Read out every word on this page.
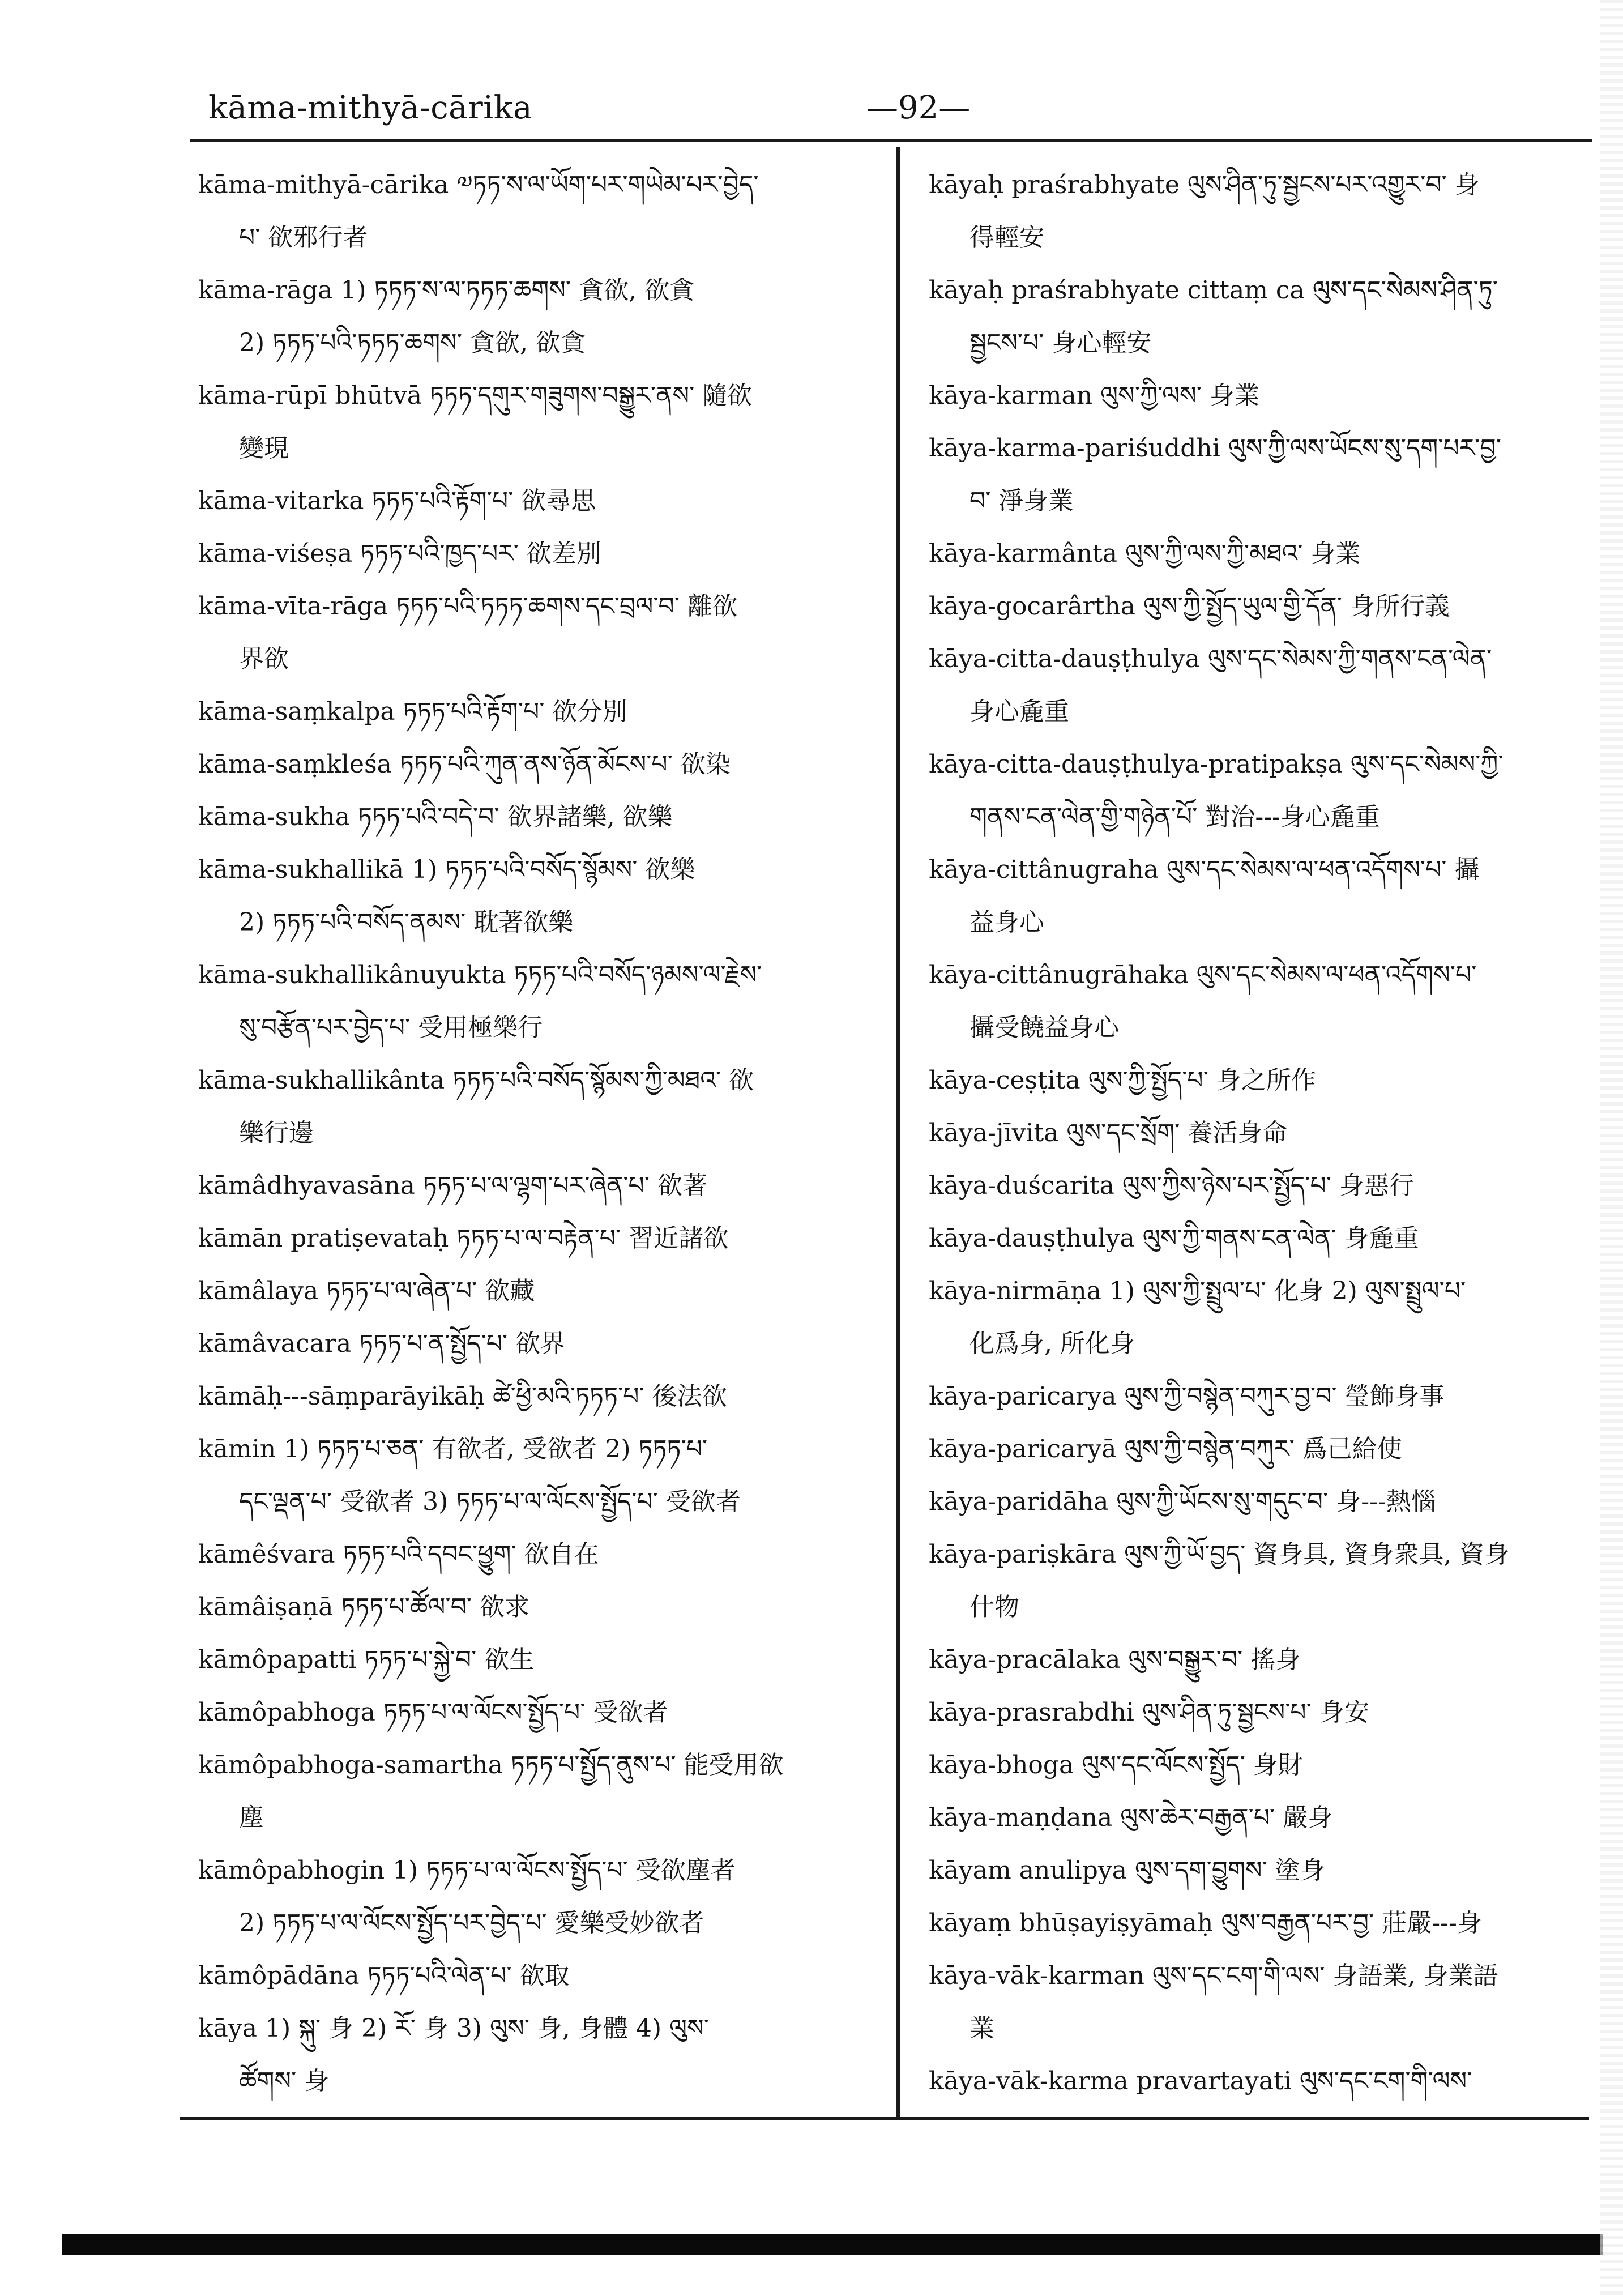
kāma-mithyā-cārika	—92—
kāma-mithyā-cārika ༧ཏཏ་ས་ལ་ཡོག་པར་གཡེམ་པར་བྱེད་
པ་ 欲邪行者
kāma-rāga 1) ཏཏཏ་ས་ལ་ཏཏཏ་ཆགས་ 貪欲, 欲貪
2) ཏཏཏ་པའི་ཏཏཏ་ཆགས་ 貪欲, 欲貪
kāma-rūpī bhūtvā ཏཏཏ་དགུར་གཟུགས་བསྒྱུར་ནས་ 隨欲
變現
kāma-vitarka ཏཏཏ་པའི་རྟོག་པ་ 欲尋思
kāma-viśeṣa ཏཏཏ་པའི་ཁྱད་པར་ 欲差別
kāma-vīta-rāga ཏཏཏ་པའི་ཏཏཏ་ཆགས་དང་བྲལ་བ་ 離欲
界欲
kāma-saṃkalpa ཏཏཏ་པའི་རྟོག་པ་ 欲分別
kāma-saṃkleśa ཏཏཏ་པའི་ཀུན་ནས་ཉོན་མོངས་པ་ 欲染
kāma-sukha ཏཏཏ་པའི་བདེ་བ་ 欲界諸樂, 欲樂
kāma-sukhallikā 1) ཏཏཏ་པའི་བསོད་སྙོམས་ 欲樂
2) ཏཏཏ་པའི་བསོད་ནམས་ 耽著欲樂
kāma-sukhallikânuyukta ཏཏཏ་པའི་བསོད་ཉམས་ལ་རྗེས་
སུ་བརྩོན་པར་བྱེད་པ་ 受用極樂行
kāma-sukhallikânta ཏཏཏ་པའི་བསོད་སྙོམས་ཀྱི་མཐའ་ 欲
樂行邊
kāmâdhyavasāna ཏཏཏ་པ་ལ་ལྷག་པར་ཞེན་པ་ 欲著
kāmān pratiṣevataḥ ཏཏཏ་པ་ལ་བརྟེན་པ་ 習近諸欲
kāmâlaya ཏཏཏ་པ་ལ་ཞེན་པ་ 欲藏
kāmâvacara ཏཏཏ་པ་ན་སྤྱོད་པ་ 欲界
kāmāḥ---sāṃparāyikāḥ ཚེ་ཕྱི་མའི་ཏཏཏ་པ་ 後法欲
kāmin 1) ཏཏཏ་པ་ཅན་ 有欲者, 受欲者 2) ཏཏཏ་པ་
དང་ལྡན་པ་ 受欲者 3) ཏཏཏ་པ་ལ་ལོངས་སྤྱོད་པ་ 受欲者
kāmêśvara ཏཏཏ་པའི་དབང་ཕྱུག་ 欲自在
kāmâiṣaṇā ཏཏཏ་པ་ཚོལ་བ་ 欲求
kāmôpapatti ཏཏཏ་པ་སྐྱེ་བ་ 欲生
kāmôpabhoga ཏཏཏ་པ་ལ་ལོངས་སྤྱོད་པ་ 受欲者
kāmôpabhoga-samartha ཏཏཏ་པ་སྤྱོད་ནུས་པ་ 能受用欲
塵
kāmôpabhogin 1) ཏཏཏ་པ་ལ་ལོངས་སྤྱོད་པ་ 受欲塵者
2) ཏཏཏ་པ་ལ་ལོངས་སྤྱོད་པར་བྱེད་པ་ 愛樂受妙欲者
kāmôpādāna ཏཏཏ་པའི་ལེན་པ་ 欲取
kāya 1) སྐུ་ 身 2) རོ་ 身 3) ལུས་ 身, 身體 4) ལུས་
ཚོགས་ 身
kāyaḥ praśrabhyate ལུས་ཤིན་ཏུ་སྦྱངས་པར་འགྱུར་བ་ 身
得輕安
kāyaḥ praśrabhyate cittaṃ ca ལུས་དང་སེམས་ཤིན་ཏུ་
སྦྱངས་པ་ 身心輕安
kāya-karman ལུས་ཀྱི་ལས་ 身業
kāya-karma-pariśuddhi ལུས་ཀྱི་ལས་ཡོངས་སུ་དག་པར་བྱ་
བ་ 淨身業
kāya-karmânta ལུས་ཀྱི་ལས་ཀྱི་མཐའ་ 身業
kāya-gocarârtha ལུས་ཀྱི་སྤྱོད་ཡུལ་གྱི་དོན་ 身所行義
kāya-citta-dauṣṭhulya ལུས་དང་སེམས་ཀྱི་གནས་ངན་ལེན་
身心麁重
kāya-citta-dauṣṭhulya-pratipakṣa ལུས་དང་སེམས་ཀྱི་
གནས་ངན་ལེན་གྱི་གཉེན་པོ་ 對治---身心麁重
kāya-cittânugraha ལུས་དང་སེམས་ལ་ཕན་འདོགས་པ་ 攝
益身心
kāya-cittânugrāhaka ལུས་དང་སེམས་ལ་ཕན་འདོགས་པ་
攝受饒益身心
kāya-ceṣṭita ལུས་ཀྱི་སྤྱོད་པ་ 身之所作
kāya-jīvita ལུས་དང་སྲོག་ 養活身命
kāya-duścarita ལུས་ཀྱིས་ཉེས་པར་སྤྱོད་པ་ 身惡行
kāya-dauṣṭhulya ལུས་ཀྱི་གནས་ངན་ལེན་ 身麁重
kāya-nirmāṇa 1) ལུས་ཀྱི་སྤྲུལ་པ་ 化身 2) ལུས་སྤྲུལ་པ་
化爲身, 所化身
kāya-paricarya ལུས་ཀྱི་བསྙེན་བཀུར་བྱ་བ་ 瑩飾身事
kāya-paricaryā ལུས་ཀྱི་བསྙེན་བཀུར་ 爲己給使
kāya-paridāha ལུས་ཀྱི་ཡོངས་སུ་གདུང་བ་ 身---熱惱
kāya-pariṣkāra ལུས་ཀྱི་ཡོ་བྱད་ 資身具, 資身衆具, 資身
什物
kāya-pracālaka ལུས་བསྒྱུར་བ་ 搖身
kāya-prasrabdhi ལུས་ཤིན་ཏུ་སྦྱངས་པ་ 身安
kāya-bhoga ལུས་དང་ལོངས་སྤྱོད་ 身財
kāya-maṇḍana ལུས་ཆེར་བརྒྱན་པ་ 嚴身
kāyam anulipya ལུས་དག་བྱུགས་ 塗身
kāyaṃ bhūṣayiṣyāmaḥ ལུས་བརྒྱན་པར་བྱ་ 莊嚴---身
kāya-vāk-karman ལུས་དང་ངག་གི་ལས་ 身語業, 身業語
業
kāya-vāk-karma pravartayati ལུས་དང་ངག་གི་ལས་
